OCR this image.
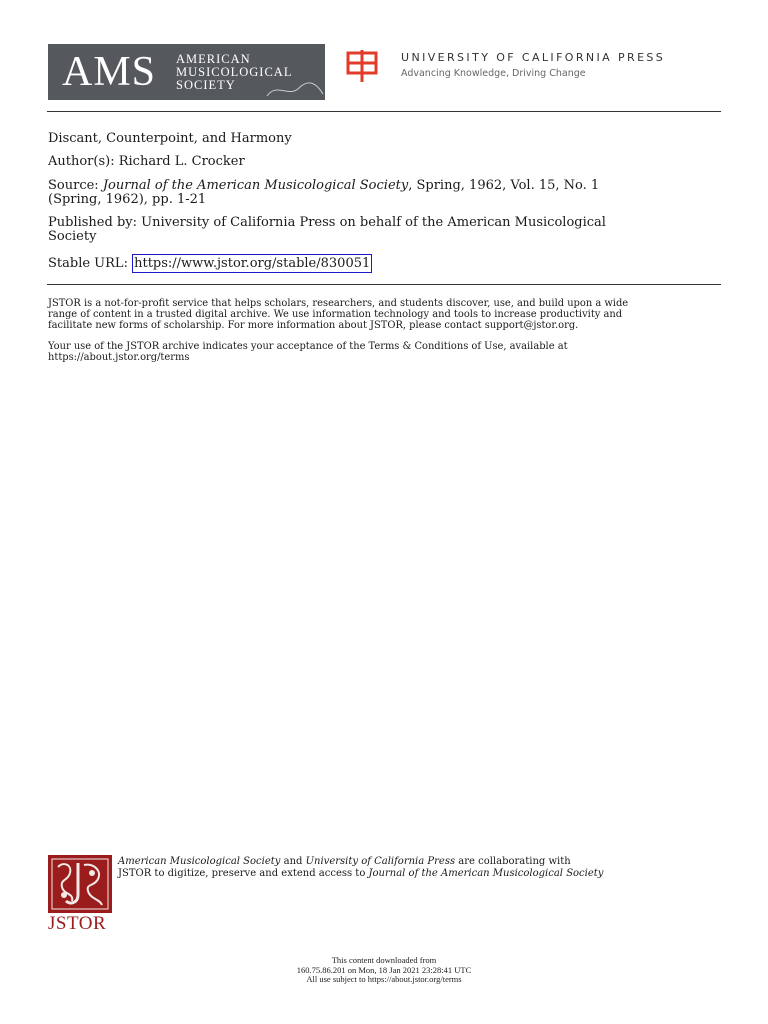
AMS AMERICAN
MUSICOLOGICAL
SOCIETY
UNIVERSITY OF CALIFORNIA PRESS
Advancing Knowledge, Driving Change
Discant, Counterpoint, and Harmony
Author(s): Richard L. Crocker
Source: Journal of the American Musicological Society, Spring, 1962, Vol. 15, No. 1
(Spring, 1962), pp. 1-21
Published by: University of California Press on behalf of the American Musicological
Society
Stable URL: https://www.jstor.org/stable/830051
JSTOR is a not-for-profit service that helps scholars, researchers, and students discover, use, and build upon a wide
range of content in a trusted digital archive. We use information technology and tools to increase productivity and
facilitate new forms of scholarship. For more information about JSTOR, please contact support@jstor.org.
Your use of the JSTOR archive indicates your acceptance of the Terms & Conditions of Use, available at
https://about.jstor.org/terms
JSTOR
American Musicological Society and University of California Press are collaborating with
JSTOR to digitize, preserve and extend access to Journal of the American Musicological Society
This content downloaded from
160.75.86.201 on Mon, 18 Jan 2021 23:28:41 UTC
All use subject to https://about.jstor.org/terms
